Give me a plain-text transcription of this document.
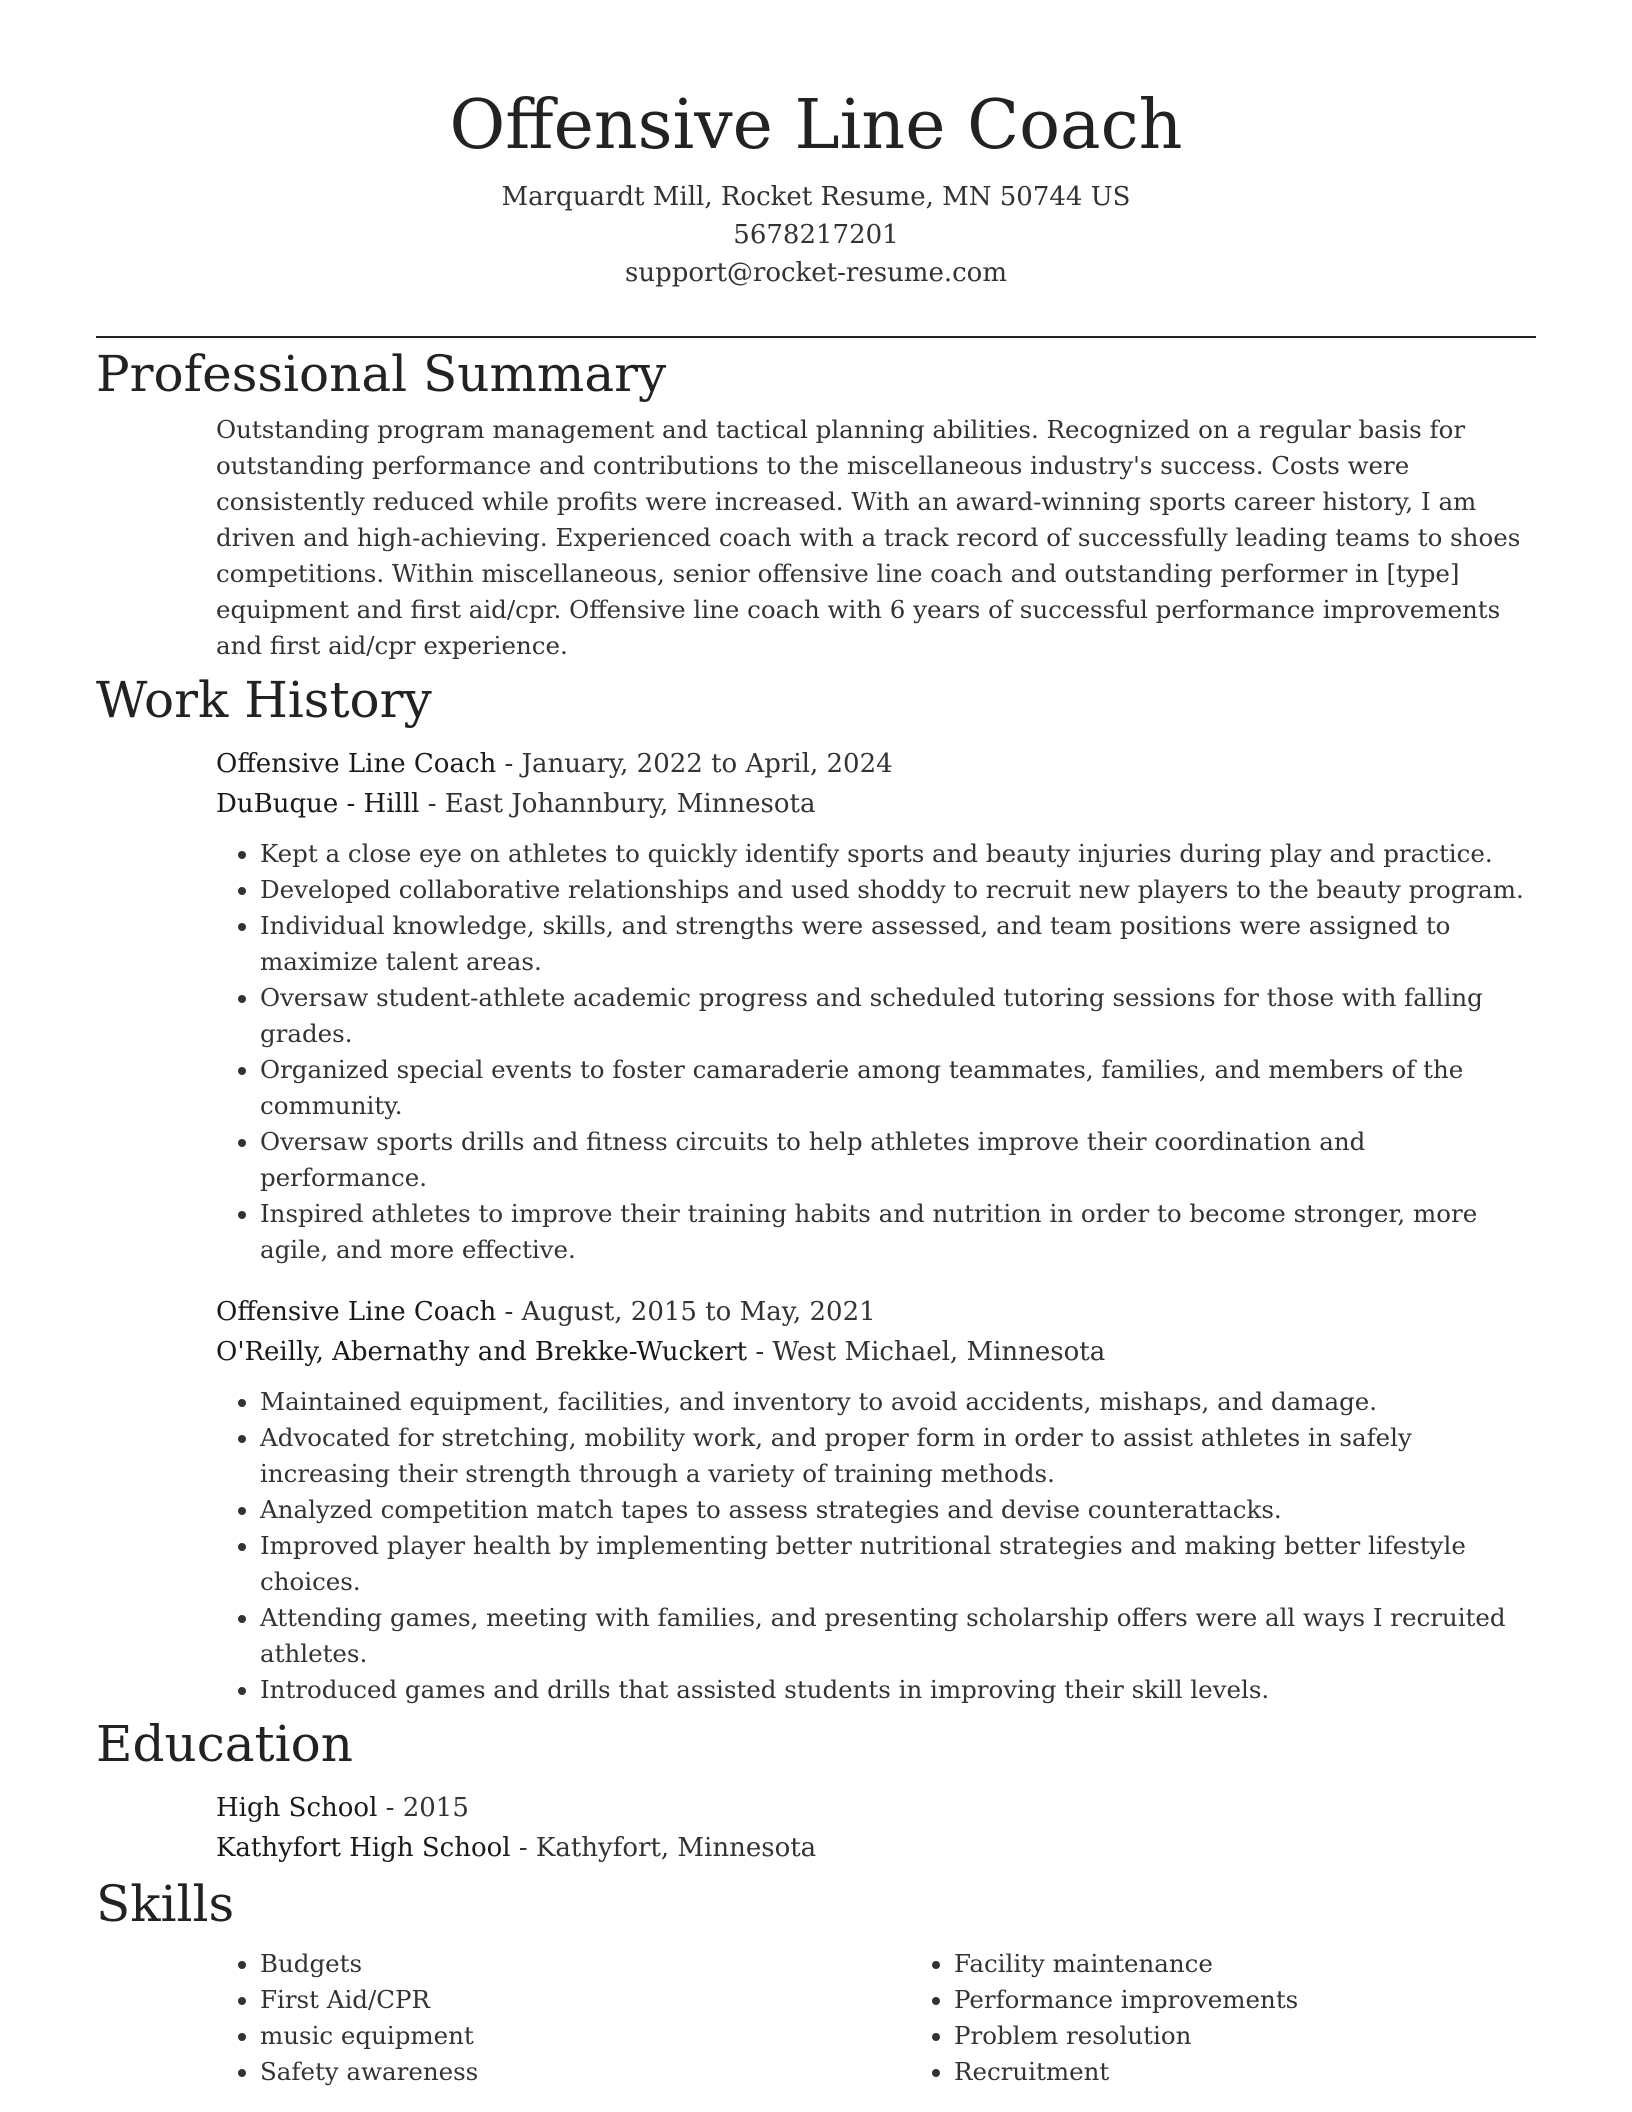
Offensive Line Coach
Marquardt Mill, Rocket Resume, MN 50744 US
5678217201
support@rocket-resume.com
Professional Summary

Outstanding program management and tactical planning abilities. Recognized on a regular basis for outstanding performance and contributions to the miscellaneous industry's success. Costs were consistently reduced while profits were increased. With an award-winning sports career history, I am driven and high-achieving. Experienced coach with a track record of successfully leading teams to shoes competitions. Within miscellaneous, senior offensive line coach and outstanding performer in [type] equipment and first aid/cpr. Offensive line coach with 6 years of successful performance improvements and first aid/cpr experience.

Work History
Offensive Line Coach - January, 2022 to April, 2024
DuBuque - Hilll - East Johannbury, Minnesota
• Kept a close eye on athletes to quickly identify sports and beauty injuries during play and practice.
• Developed collaborative relationships and used shoddy to recruit new players to the beauty program.
• Individual knowledge, skills, and strengths were assessed, and team positions were assigned to maximize talent areas.
• Oversaw student-athlete academic progress and scheduled tutoring sessions for those with falling grades.
• Organized special events to foster camaraderie among teammates, families, and members of the community.
• Oversaw sports drills and fitness circuits to help athletes improve their coordination and performance.
• Inspired athletes to improve their training habits and nutrition in order to become stronger, more agile, and more effective.
Offensive Line Coach - August, 2015 to May, 2021
O'Reilly, Abernathy and Brekke-Wuckert - West Michael, Minnesota
• Maintained equipment, facilities, and inventory to avoid accidents, mishaps, and damage.
• Advocated for stretching, mobility work, and proper form in order to assist athletes in safely increasing their strength through a variety of training methods.
• Analyzed competition match tapes to assess strategies and devise counterattacks.
• Improved player health by implementing better nutritional strategies and making better lifestyle choices.
• Attending games, meeting with families, and presenting scholarship offers were all ways I recruited athletes.
• Introduced games and drills that assisted students in improving their skill levels.
Education
High School - 2015
Kathyfort High School - Kathyfort, Minnesota
Skills
• Budgets
• First Aid/CPR
• music equipment
• Safety awareness
• Facility maintenance
• Performance improvements
• Problem resolution
• Recruitment
